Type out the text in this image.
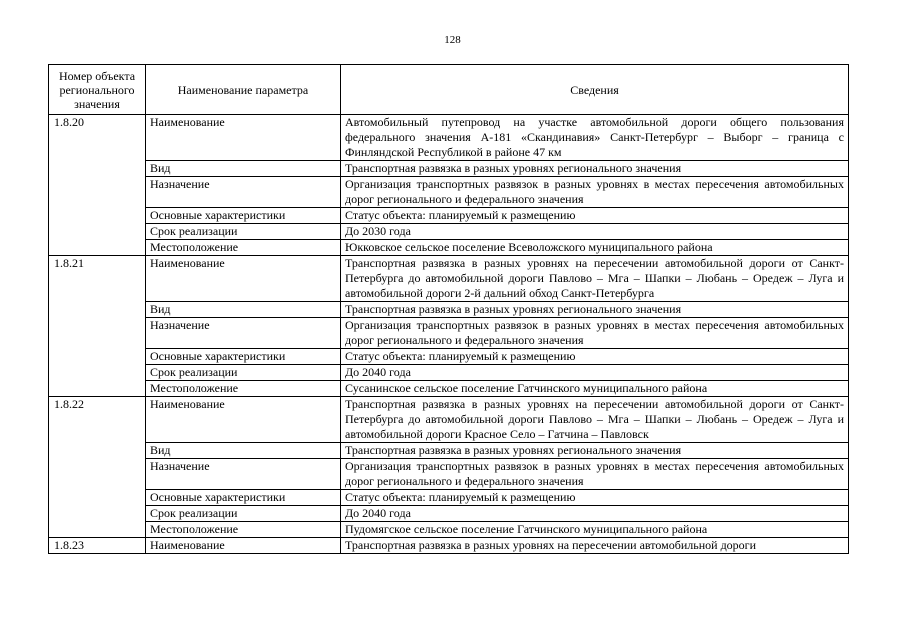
128
Номер объекта регионального значения	Наименование параметра	Сведения
1.8.20	Наименование	Автомобильный путепровод на участке автомобильной дороги общего пользования федерального значения А-181 «Скандинавия» Санкт-Петербург – Выборг – граница с Финляндской Республикой в районе 47 км
	Вид	Транспортная развязка в разных уровнях регионального значения
	Назначение	Организация транспортных развязок в разных уровнях в местах пересечения автомобильных дорог регионального и федерального значения
	Основные характеристики	Статус объекта: планируемый к размещению
	Срок реализации	До 2030 года
	Местоположение	Юкковское сельское поселение Всеволожского муниципального района
1.8.21	Наименование	Транспортная развязка в разных уровнях на пересечении автомобильной дороги от Санкт-Петербурга до автомобильной дороги Павлово – Мга – Шапки – Любань – Оредеж – Луга и автомобильной дороги 2-й дальний обход Санкт-Петербурга
	Вид	Транспортная развязка в разных уровнях регионального значения
	Назначение	Организация транспортных развязок в разных уровнях в местах пересечения автомобильных дорог регионального и федерального значения
	Основные характеристики	Статус объекта: планируемый к размещению
	Срок реализации	До 2040 года
	Местоположение	Сусанинское сельское поселение Гатчинского муниципального района
1.8.22	Наименование	Транспортная развязка в разных уровнях на пересечении автомобильной дороги от Санкт-Петербурга до автомобильной дороги Павлово – Мга – Шапки – Любань – Оредеж – Луга и автомобильной дороги Красное Село – Гатчина – Павловск
	Вид	Транспортная развязка в разных уровнях регионального значения
	Назначение	Организация транспортных развязок в разных уровнях в местах пересечения автомобильных дорог регионального и федерального значения
	Основные характеристики	Статус объекта: планируемый к размещению
	Срок реализации	До 2040 года
	Местоположение	Пудомягское сельское поселение Гатчинского муниципального района
1.8.23	Наименование	Транспортная развязка в разных уровнях на пересечении автомобильной дороги
